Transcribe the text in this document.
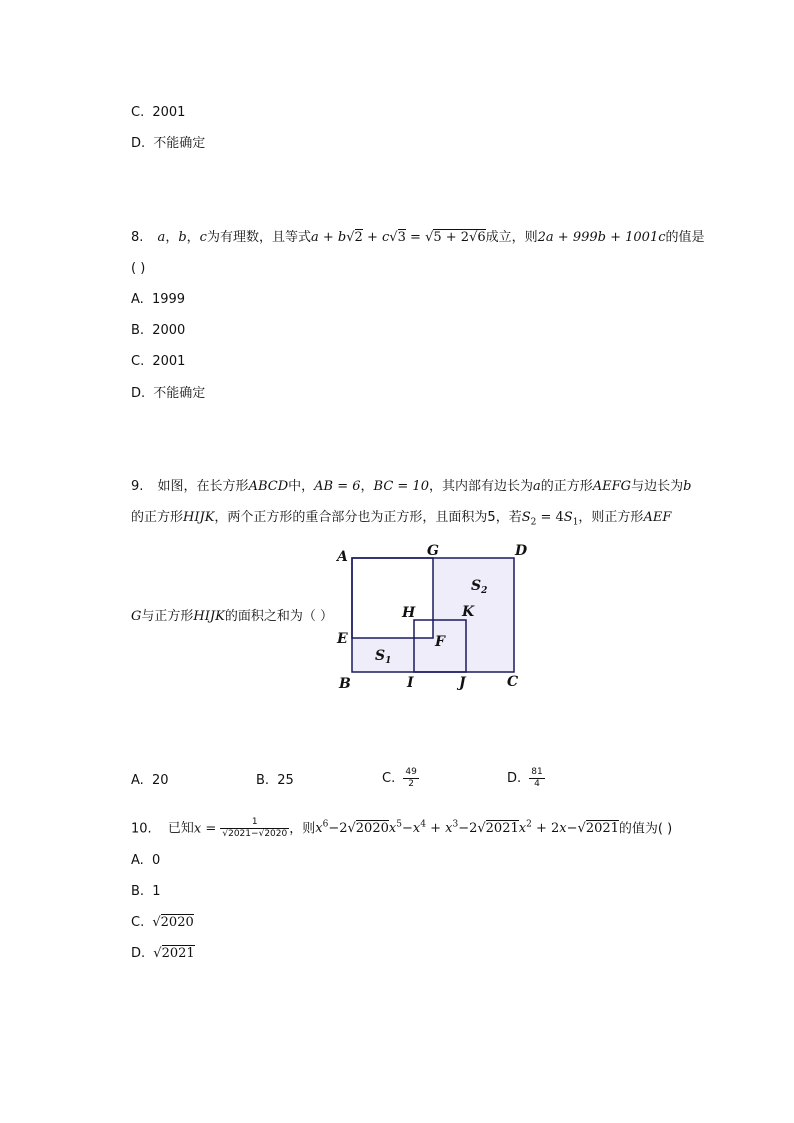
C. 2001
D. 不能确定
8. a，b，c为有理数，且等式a + b√2 + c√3 = √5 + 2√6成立，则2a + 999b + 1001c的值是
( )
A. 1999
B. 2000
C. 2001
D. 不能确定
9. 如图，在长方形ABCD中，AB = 6，BC = 10，其内部有边长为a的正方形AEFG与边长为b
的正方形HIJK，两个正方形的重合部分也为正方形，且面积为5，若$S_2 = 4S_1$，则正方形AEF
G与正方形HIJK的面积之和为（ ）
A	G	D
$S_2$
H	K
E	F
$S_1$
B	I	J	C
A. 20	B. 25	C. $\frac{49}{2}$	D. $\frac{81}{4}$
10. 已知$x = \frac{1}{√2021-√2020}$ ，则$x^6-2√2020x^5-x^4 + x^3-2√2021x^2 + 2x-√2021$的值为( )
A. 0
B. 1
C. √2020
D. √2021
